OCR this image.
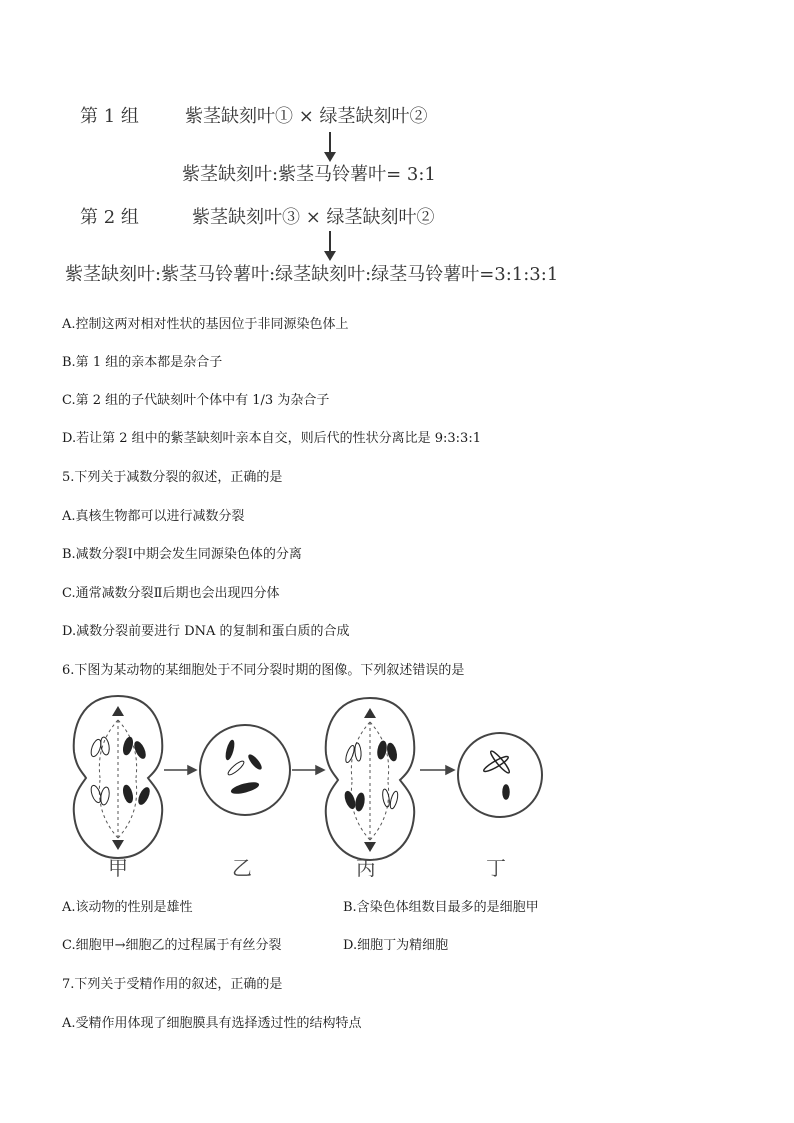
第 1 组	紫茎缺刻叶① × 绿茎缺刻叶②
紫茎缺刻叶:紫茎马铃薯叶= 3:1
第 2 组	紫茎缺刻叶③ × 绿茎缺刻叶②
紫茎缺刻叶:紫茎马铃薯叶:绿茎缺刻叶:绿茎马铃薯叶=3:1:3:1
A.控制这两对相对性状的基因位于非同源染色体上
B.第 1 组的亲本都是杂合子
C.第 2 组的子代缺刻叶个体中有 1/3 为杂合子
D.若让第 2 组中的紫茎缺刻叶亲本自交，则后代的性状分离比是 9:3:3:1
5.下列关于减数分裂的叙述，正确的是
A.真核生物都可以进行减数分裂
B.减数分裂Ⅰ中期会发生同源染色体的分离
C.通常减数分裂Ⅱ后期也会出现四分体
D.减数分裂前要进行 DNA 的复制和蛋白质的合成
6.下图为某动物的某细胞处于不同分裂时期的图像。下列叙述错误的是
甲	乙	丙	丁
A.该动物的性别是雄性	B.含染色体组数目最多的是细胞甲
C.细胞甲→细胞乙的过程属于有丝分裂	D.细胞丁为精细胞
7.下列关于受精作用的叙述，正确的是
A.受精作用体现了细胞膜具有选择透过性的结构特点
